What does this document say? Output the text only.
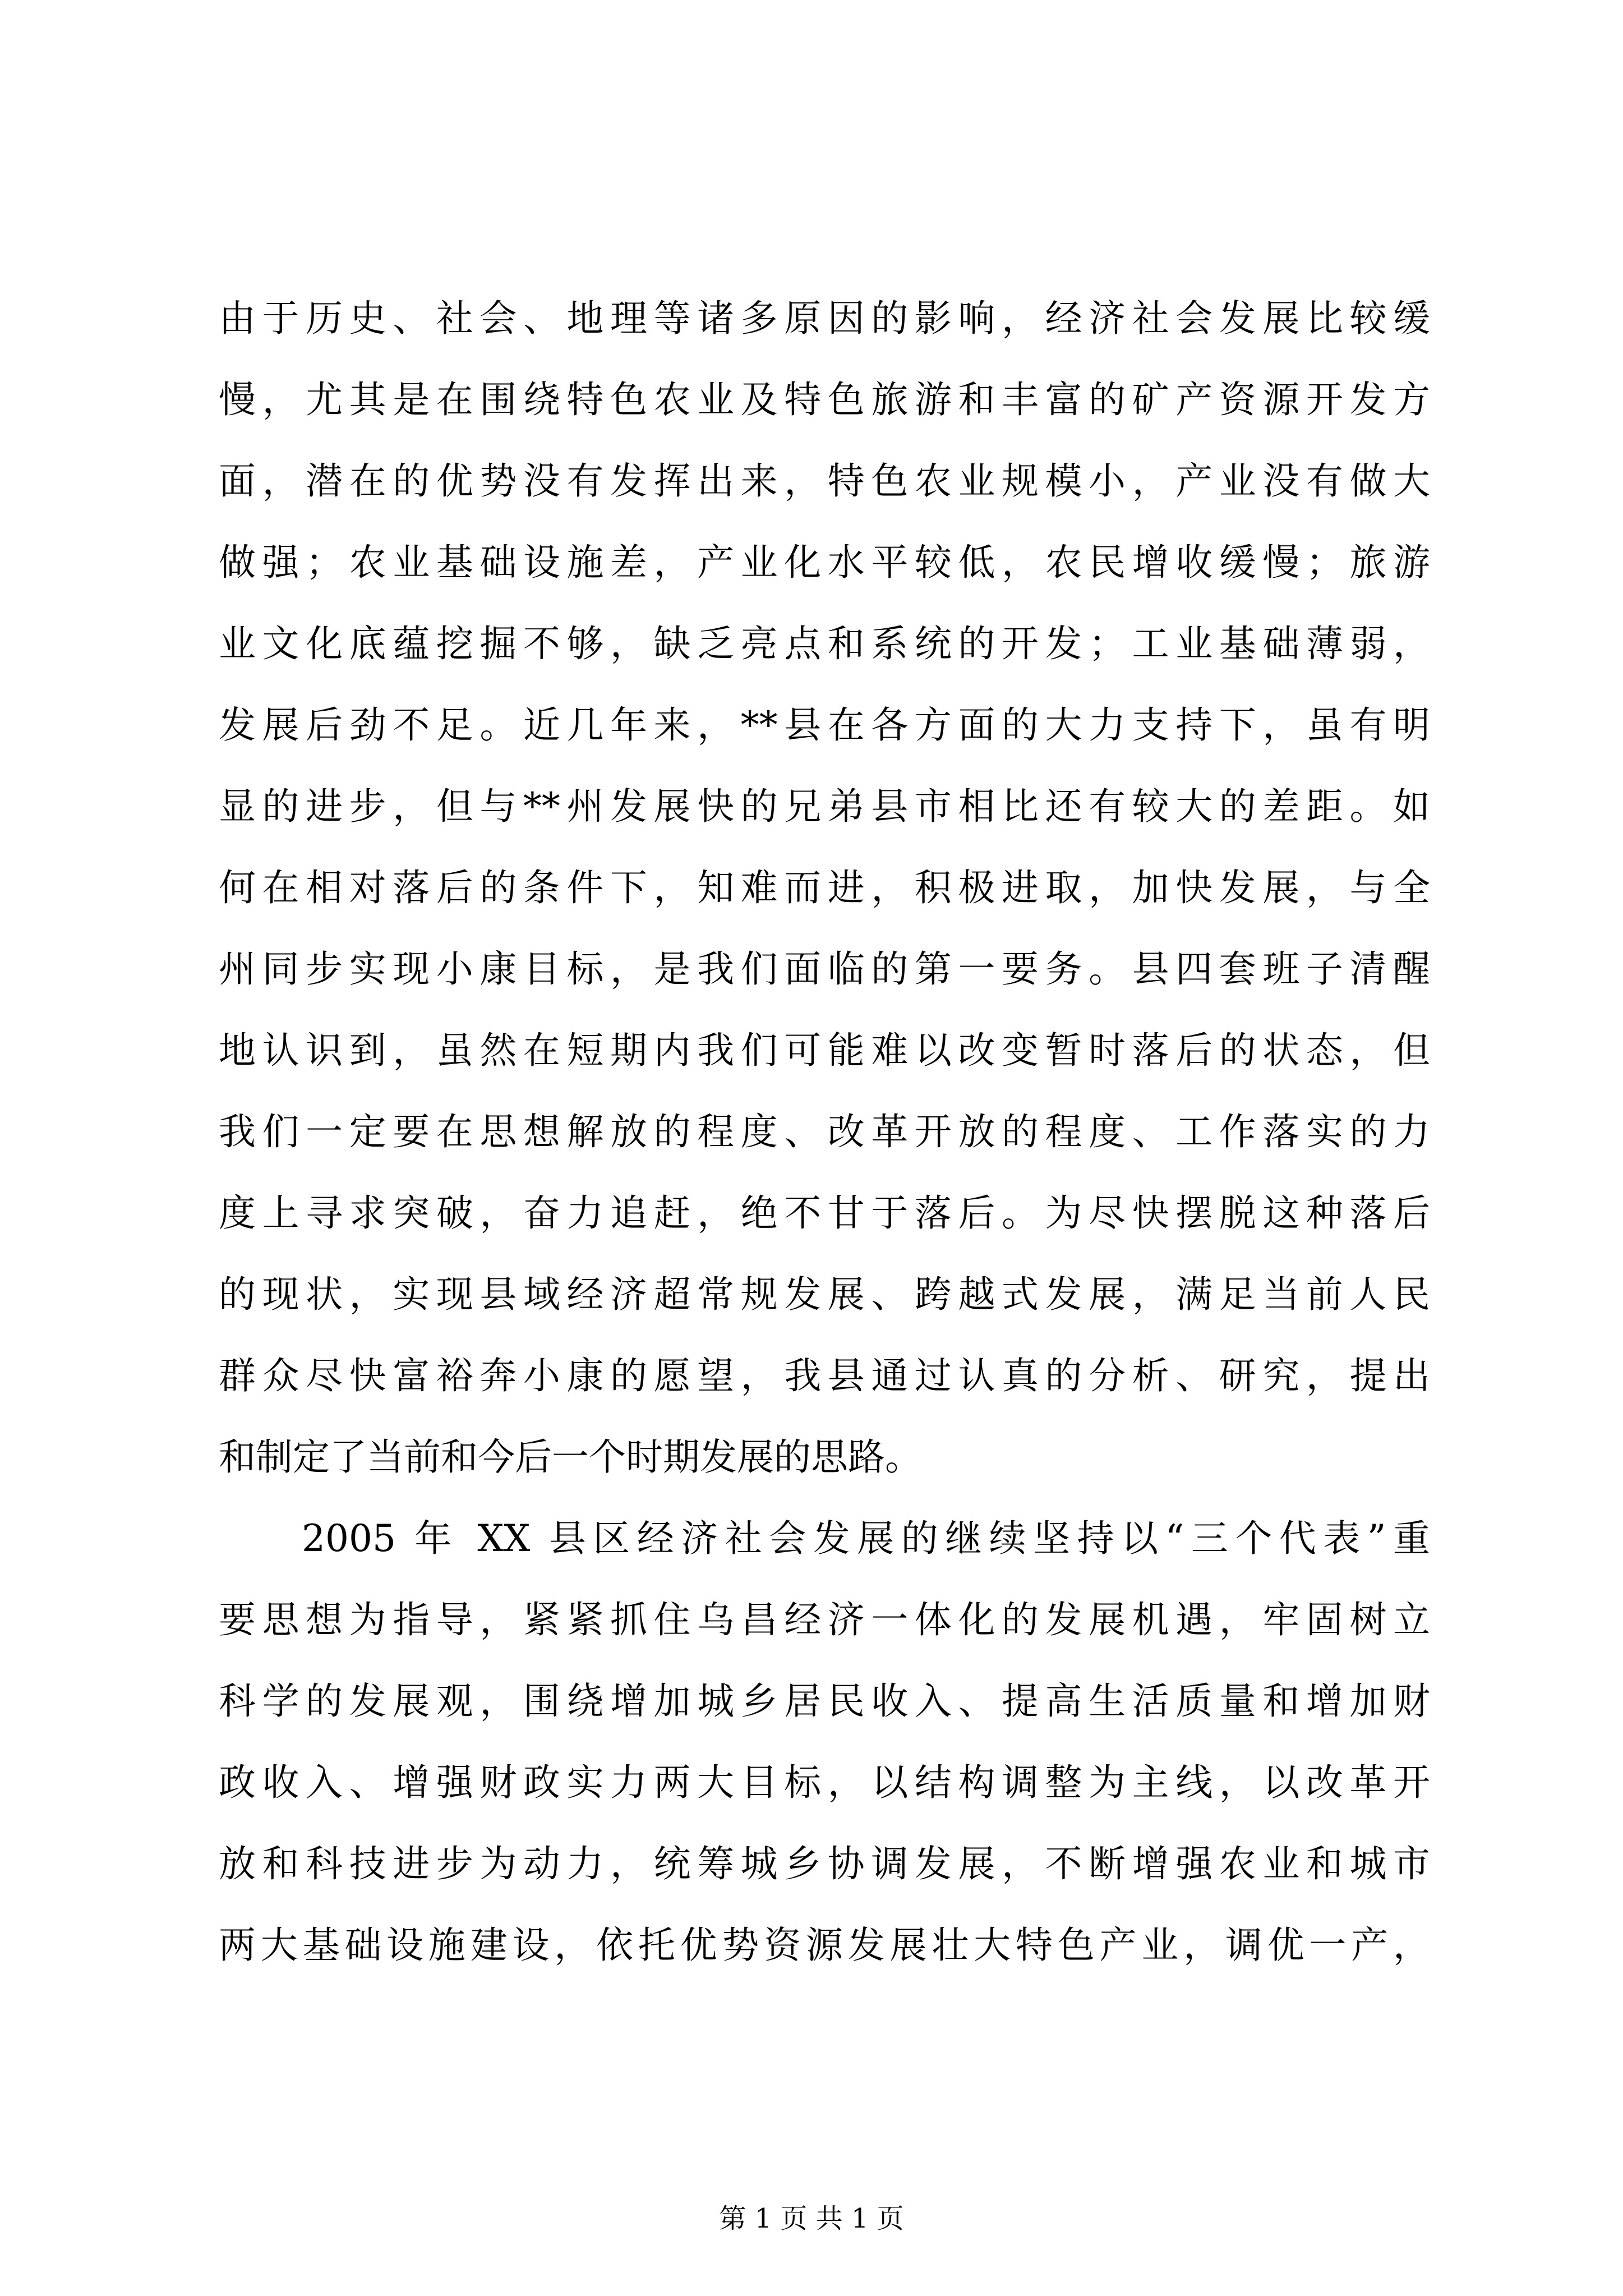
由于历史、社会、地理等诸多原因的影响，经济社会发展比较缓
慢，尤其是在围绕特色农业及特色旅游和丰富的矿产资源开发方
面，潜在的优势没有发挥出来，特色农业规模小，产业没有做大
做强；农业基础设施差，产业化水平较低，农民增收缓慢；旅游
业文化底蕴挖掘不够，缺乏亮点和系统的开发；工业基础薄弱，
发展后劲不足。近几年来，**县在各方面的大力支持下，虽有明
显的进步，但与**州发展快的兄弟县市相比还有较大的差距。如
何在相对落后的条件下，知难而进，积极进取，加快发展，与全
州同步实现小康目标，是我们面临的第一要务。县四套班子清醒
地认识到，虽然在短期内我们可能难以改变暂时落后的状态，但
我们一定要在思想解放的程度、改革开放的程度、工作落实的力
度上寻求突破，奋力追赶，绝不甘于落后。为尽快摆脱这种落后
的现状，实现县域经济超常规发展、跨越式发展，满足当前人民
群众尽快富裕奔小康的愿望，我县通过认真的分析、研究，提出
和制定了当前和今后一个时期发展的思路。
2005 年 XX 县区经济社会发展的继续坚持以“三个代表”重
要思想为指导，紧紧抓住乌昌经济一体化的发展机遇，牢固树立
科学的发展观，围绕增加城乡居民收入、提高生活质量和增加财
政收入、增强财政实力两大目标，以结构调整为主线，以改革开
放和科技进步为动力，统筹城乡协调发展，不断增强农业和城市
两大基础设施建设，依托优势资源发展壮大特色产业，调优一产，
第 1 页 共 1 页
